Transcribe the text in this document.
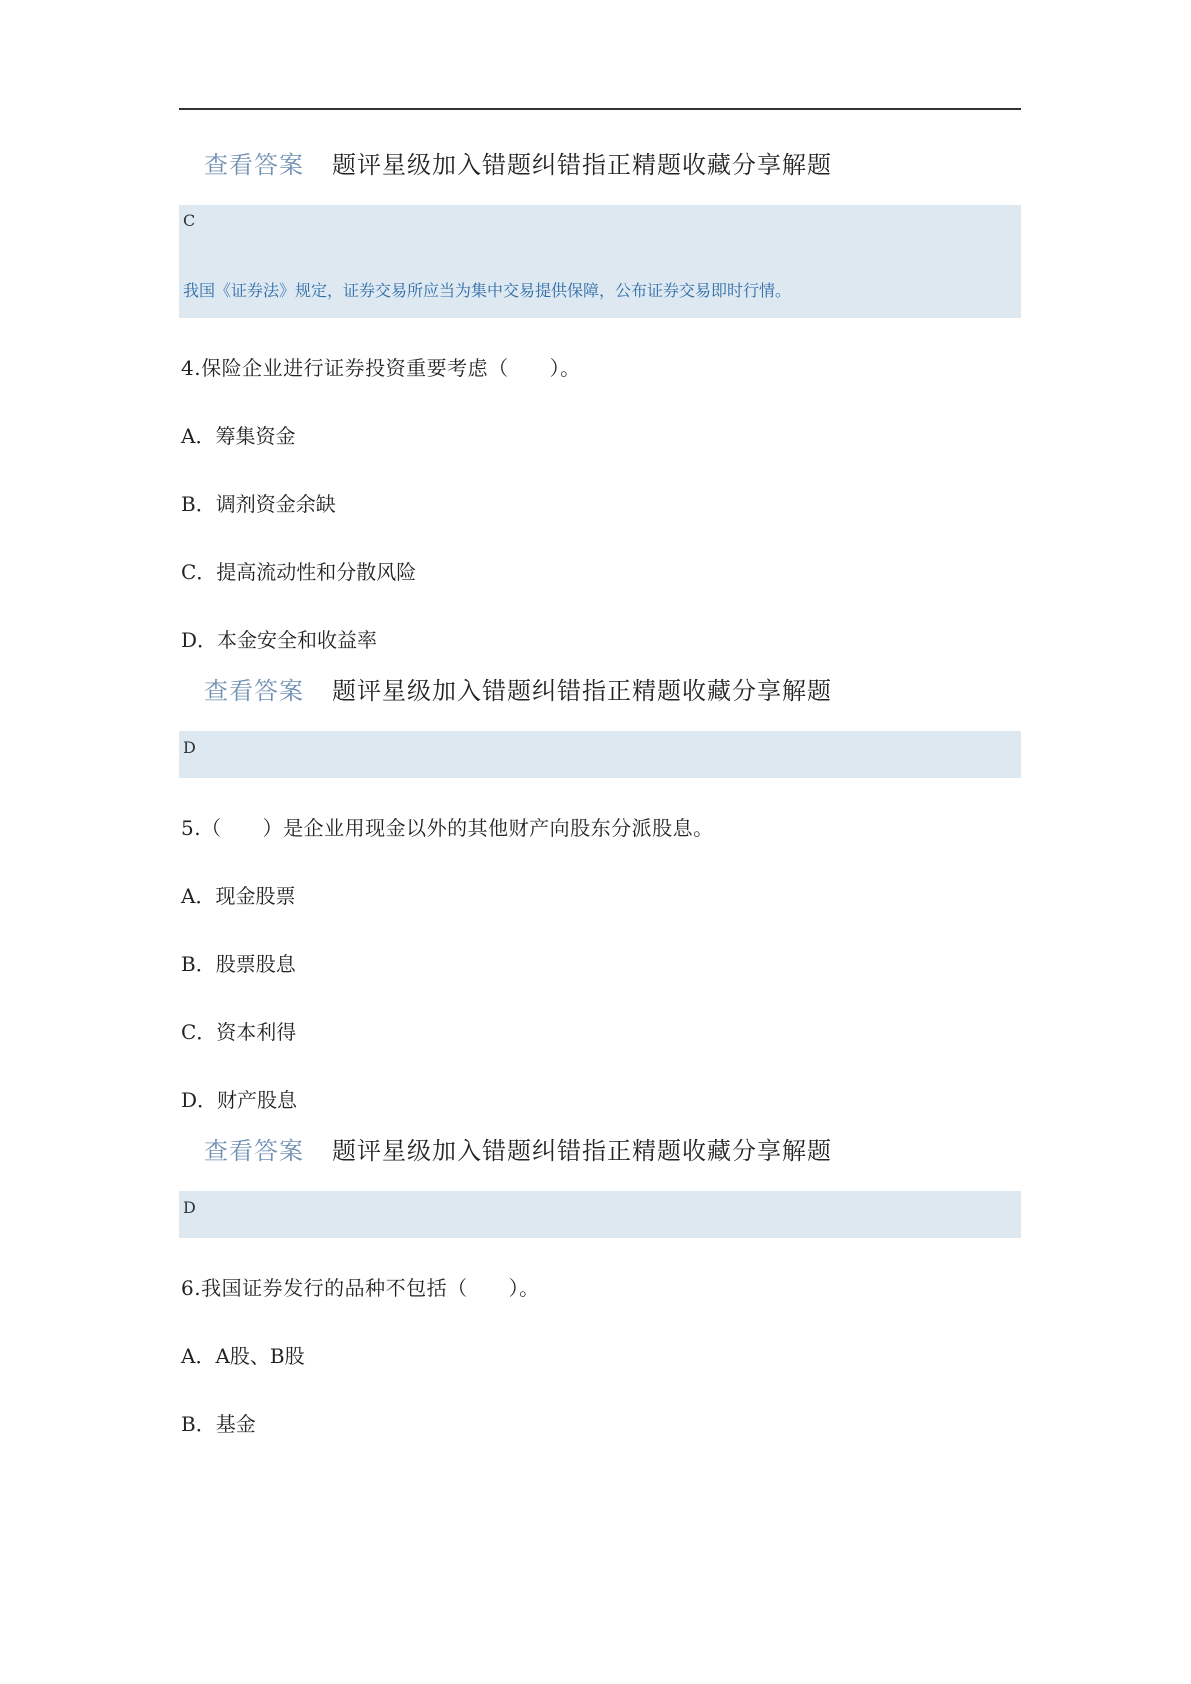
查看答案 题评 星级 加入错题 纠错 指正 精题 收藏 分享 解题
C
我国《证券法》规定，证券交易所应当为集中交易提供保障，公布证券交易即时行情。
4.保险企业进行证券投资重要考虑（　　）。
A．筹集资金
B．调剂资金余缺
C．提高流动性和分散风险
D．本金安全和收益率
查看答案 题评 星级 加入错题 纠错 指正 精题 收藏 分享 解题
D
5.（　　）是企业用现金以外的其他财产向股东分派股息。
A．现金股票
B．股票股息
C．资本利得
D．财产股息
查看答案 题评 星级 加入错题 纠错 指正 精题 收藏 分享 解题
D
6.我国证券发行的品种不包括（　　）。
A．A股、B股
B．基金
